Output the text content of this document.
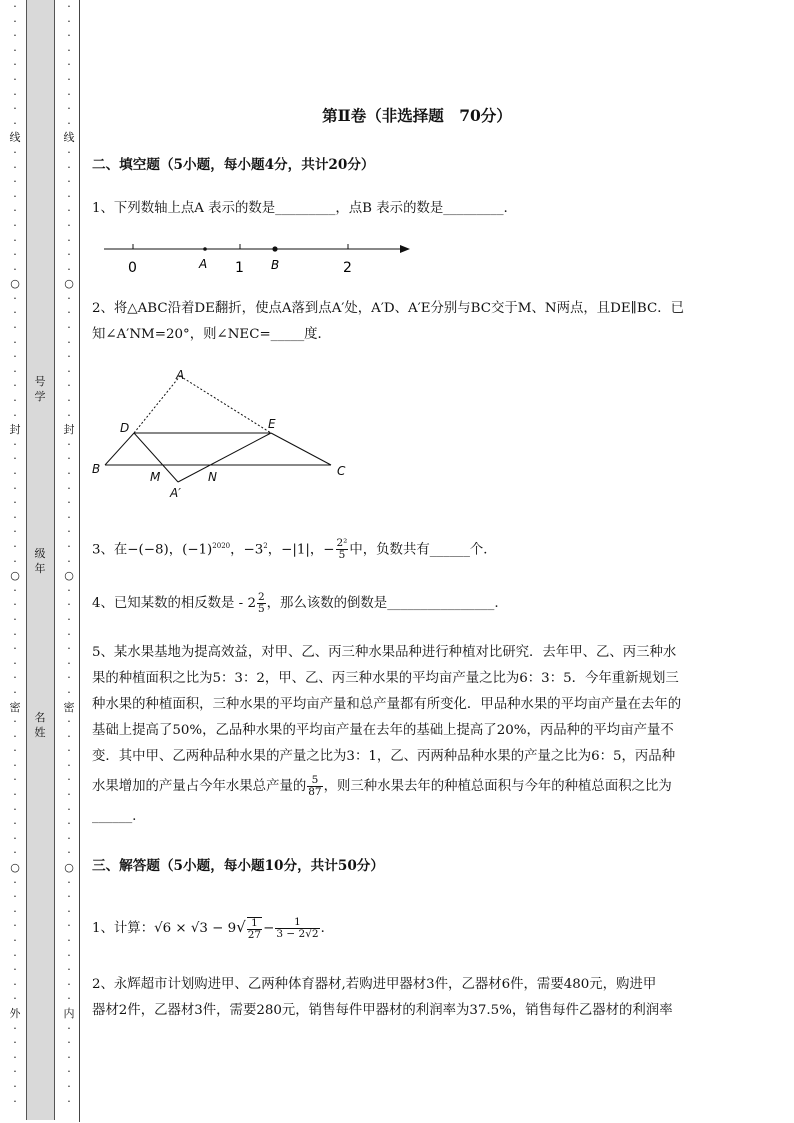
·
·
·
·
·
·
·
·
·
线
·
·
·
·
·
·
·
·
·
○
·
·
·
·
·
·
·
·
·
封
·
·
·
·
·
·
·
·
·
○
·
·
·
·
·
·
·
·
密
·
·
·
·
·
·
·
·
·
·
○
·
·
·
·
·
·
·
·
·
外
·
·
·
·
·
·
·
·
·
·
·
·
·
·
·
线
·
·
·
·
·
·
·
·
·
○
·
·
·
·
·
·
·
·
·
封
·
·
·
·
·
·
·
·
·
○
·
·
·
·
·
·
·
·
密
·
·
·
·
·
·
·
·
·
·
○
·
·
·
·
·
·
·
·
·
内
·
·
·
·
·
·
号学
级年
名姓
第Ⅱ卷（非选择题　70分）
二、填空题（5小题，每小题4分，共计20分）
1、下列数轴上点A 表示的数是_________，点B 表示的数是_________.
0	A 1 B	2
2、将△ABC沿着DE翻折，使点A落到点A′处，A′D、A′E分别与BC交于M、N两点，且DE∥BC．已
知∠A′NM=20°，则∠NEC=_____度．
A
D	E
B
M	N	C
A′
3、在−(−8)，$(-1)^{2020}$，$-3^2$，−|1|，− $\frac{\text{2²}}{5}$ 中，负数共有______个．
4、已知某数的相反数是 - $2 \frac{2}{5}$ ，那么该数的倒数是________________.
5、某水果基地为提高效益，对甲、乙、丙三种水果品种进行种植对比研究．去年甲、乙、丙三种水
果的种植面积之比为5：3：2，甲、乙、丙三种水果的平均亩产量之比为6：3：5．今年重新规划三
种水果的种植面积，三种水果的平均亩产量和总产量都有所变化．甲品种水果的平均亩产量在去年的
基础上提高了50%，乙品种水果的平均亩产量在去年的基础上提高了20%，丙品种的平均亩产量不
变．其中甲、乙两种品种水果的产量之比为3：1，乙、丙两种品种水果的产量之比为6：5，丙品种
水果增加的产量占今年水果总产量的 $\frac{5}{87}$ ，则三种水果去年的种植总面积与今年的种植总面积之比为
______.
三、解答题（5小题，每小题10分，共计50分）
1、计算：$√6 \times √3 - 9√ \frac{1}{27} - \frac{1}{3 - 2√2}$ ．
2、永辉超市计划购进甲、乙两种体育器材,若购进甲器材3件，乙器材6件，需要480元，购进甲
器材2件，乙器材3件，需要280元，销售每件甲器材的利润率为37.5%，销售每件乙器材的利润率
